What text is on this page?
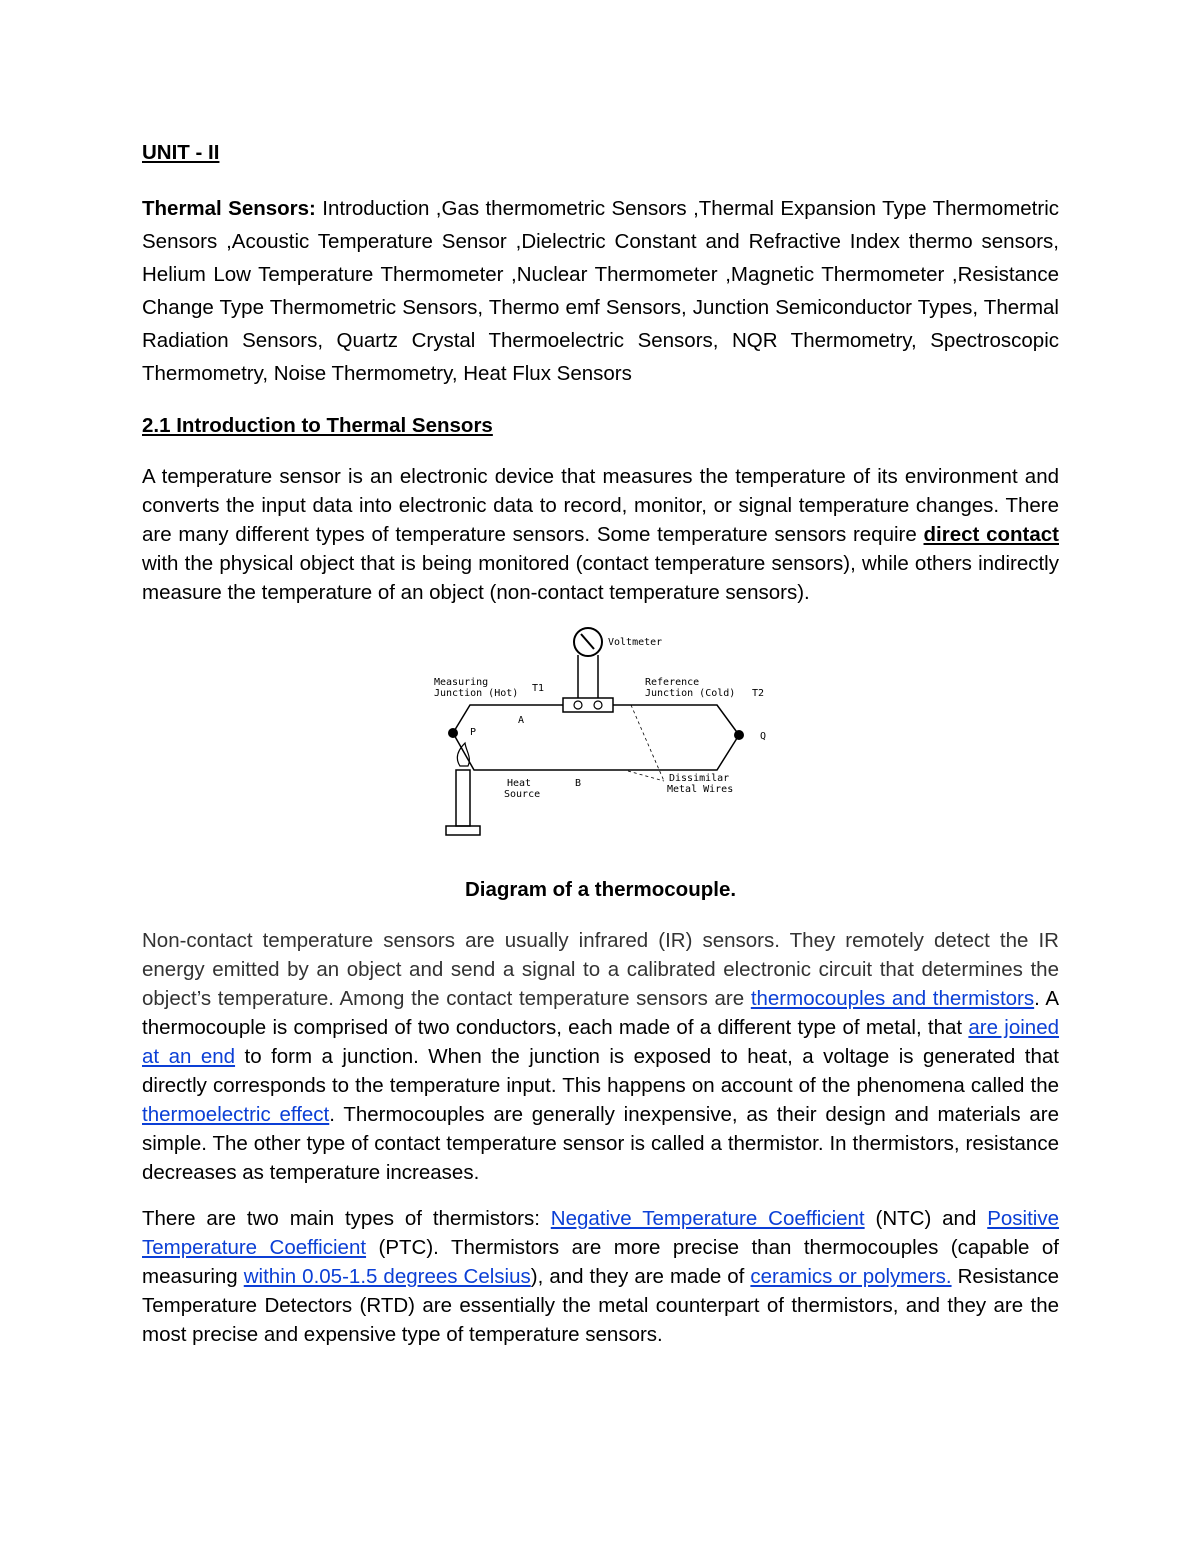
UNIT - II

Thermal Sensors: Introduction ,Gas thermometric Sensors ,Thermal Expansion Type Thermometric Sensors ,Acoustic Temperature Sensor ,Dielectric Constant and Refractive Index thermo sensors, Helium Low Temperature Thermometer ,Nuclear Thermometer ,Magnetic Thermometer ,Resistance Change Type Thermometric Sensors, Thermo emf Sensors, Junction Semiconductor Types, Thermal Radiation Sensors, Quartz Crystal Thermoelectric Sensors, NQR Thermometry, Spectroscopic Thermometry, Noise Thermometry, Heat Flux Sensors

2.1 Introduction to Thermal Sensors

A temperature sensor is an electronic device that measures the temperature of its environment and converts the input data into electronic data to record, monitor, or signal temperature changes. There are many different types of temperature sensors. Some temperature sensors require direct contact with the physical object that is being monitored (contact temperature sensors), while others indirectly measure the temperature of an object (non-contact temperature sensors).

Voltmeter
Measuring
Junction (Hot) T1
Reference
Junction (Cold) T2
A
B
P	Q
Heat
Source
Dissimilar
Metal Wires

Diagram of a thermocouple.

Non-contact temperature sensors are usually infrared (IR) sensors. They remotely detect the IR energy emitted by an object and send a signal to a calibrated electronic circuit that determines the object’s temperature. Among the contact temperature sensors are thermocouples and thermistors. A thermocouple is comprised of two conductors, each made of a different type of metal, that are joined at an end to form a junction. When the junction is exposed to heat, a voltage is generated that directly corresponds to the temperature input. This happens on account of the phenomena called the thermoelectric effect. Thermocouples are generally inexpensive, as their design and materials are simple. The other type of contact temperature sensor is called a thermistor. In thermistors, resistance decreases as temperature increases.

There are two main types of thermistors: Negative Temperature Coefficient (NTC) and Positive Temperature Coefficient (PTC). Thermistors are more precise than thermocouples (capable of measuring within 0.05-1.5 degrees Celsius), and they are made of ceramics or polymers. Resistance Temperature Detectors (RTD) are essentially the metal counterpart of thermistors, and they are the most precise and expensive type of temperature sensors.
